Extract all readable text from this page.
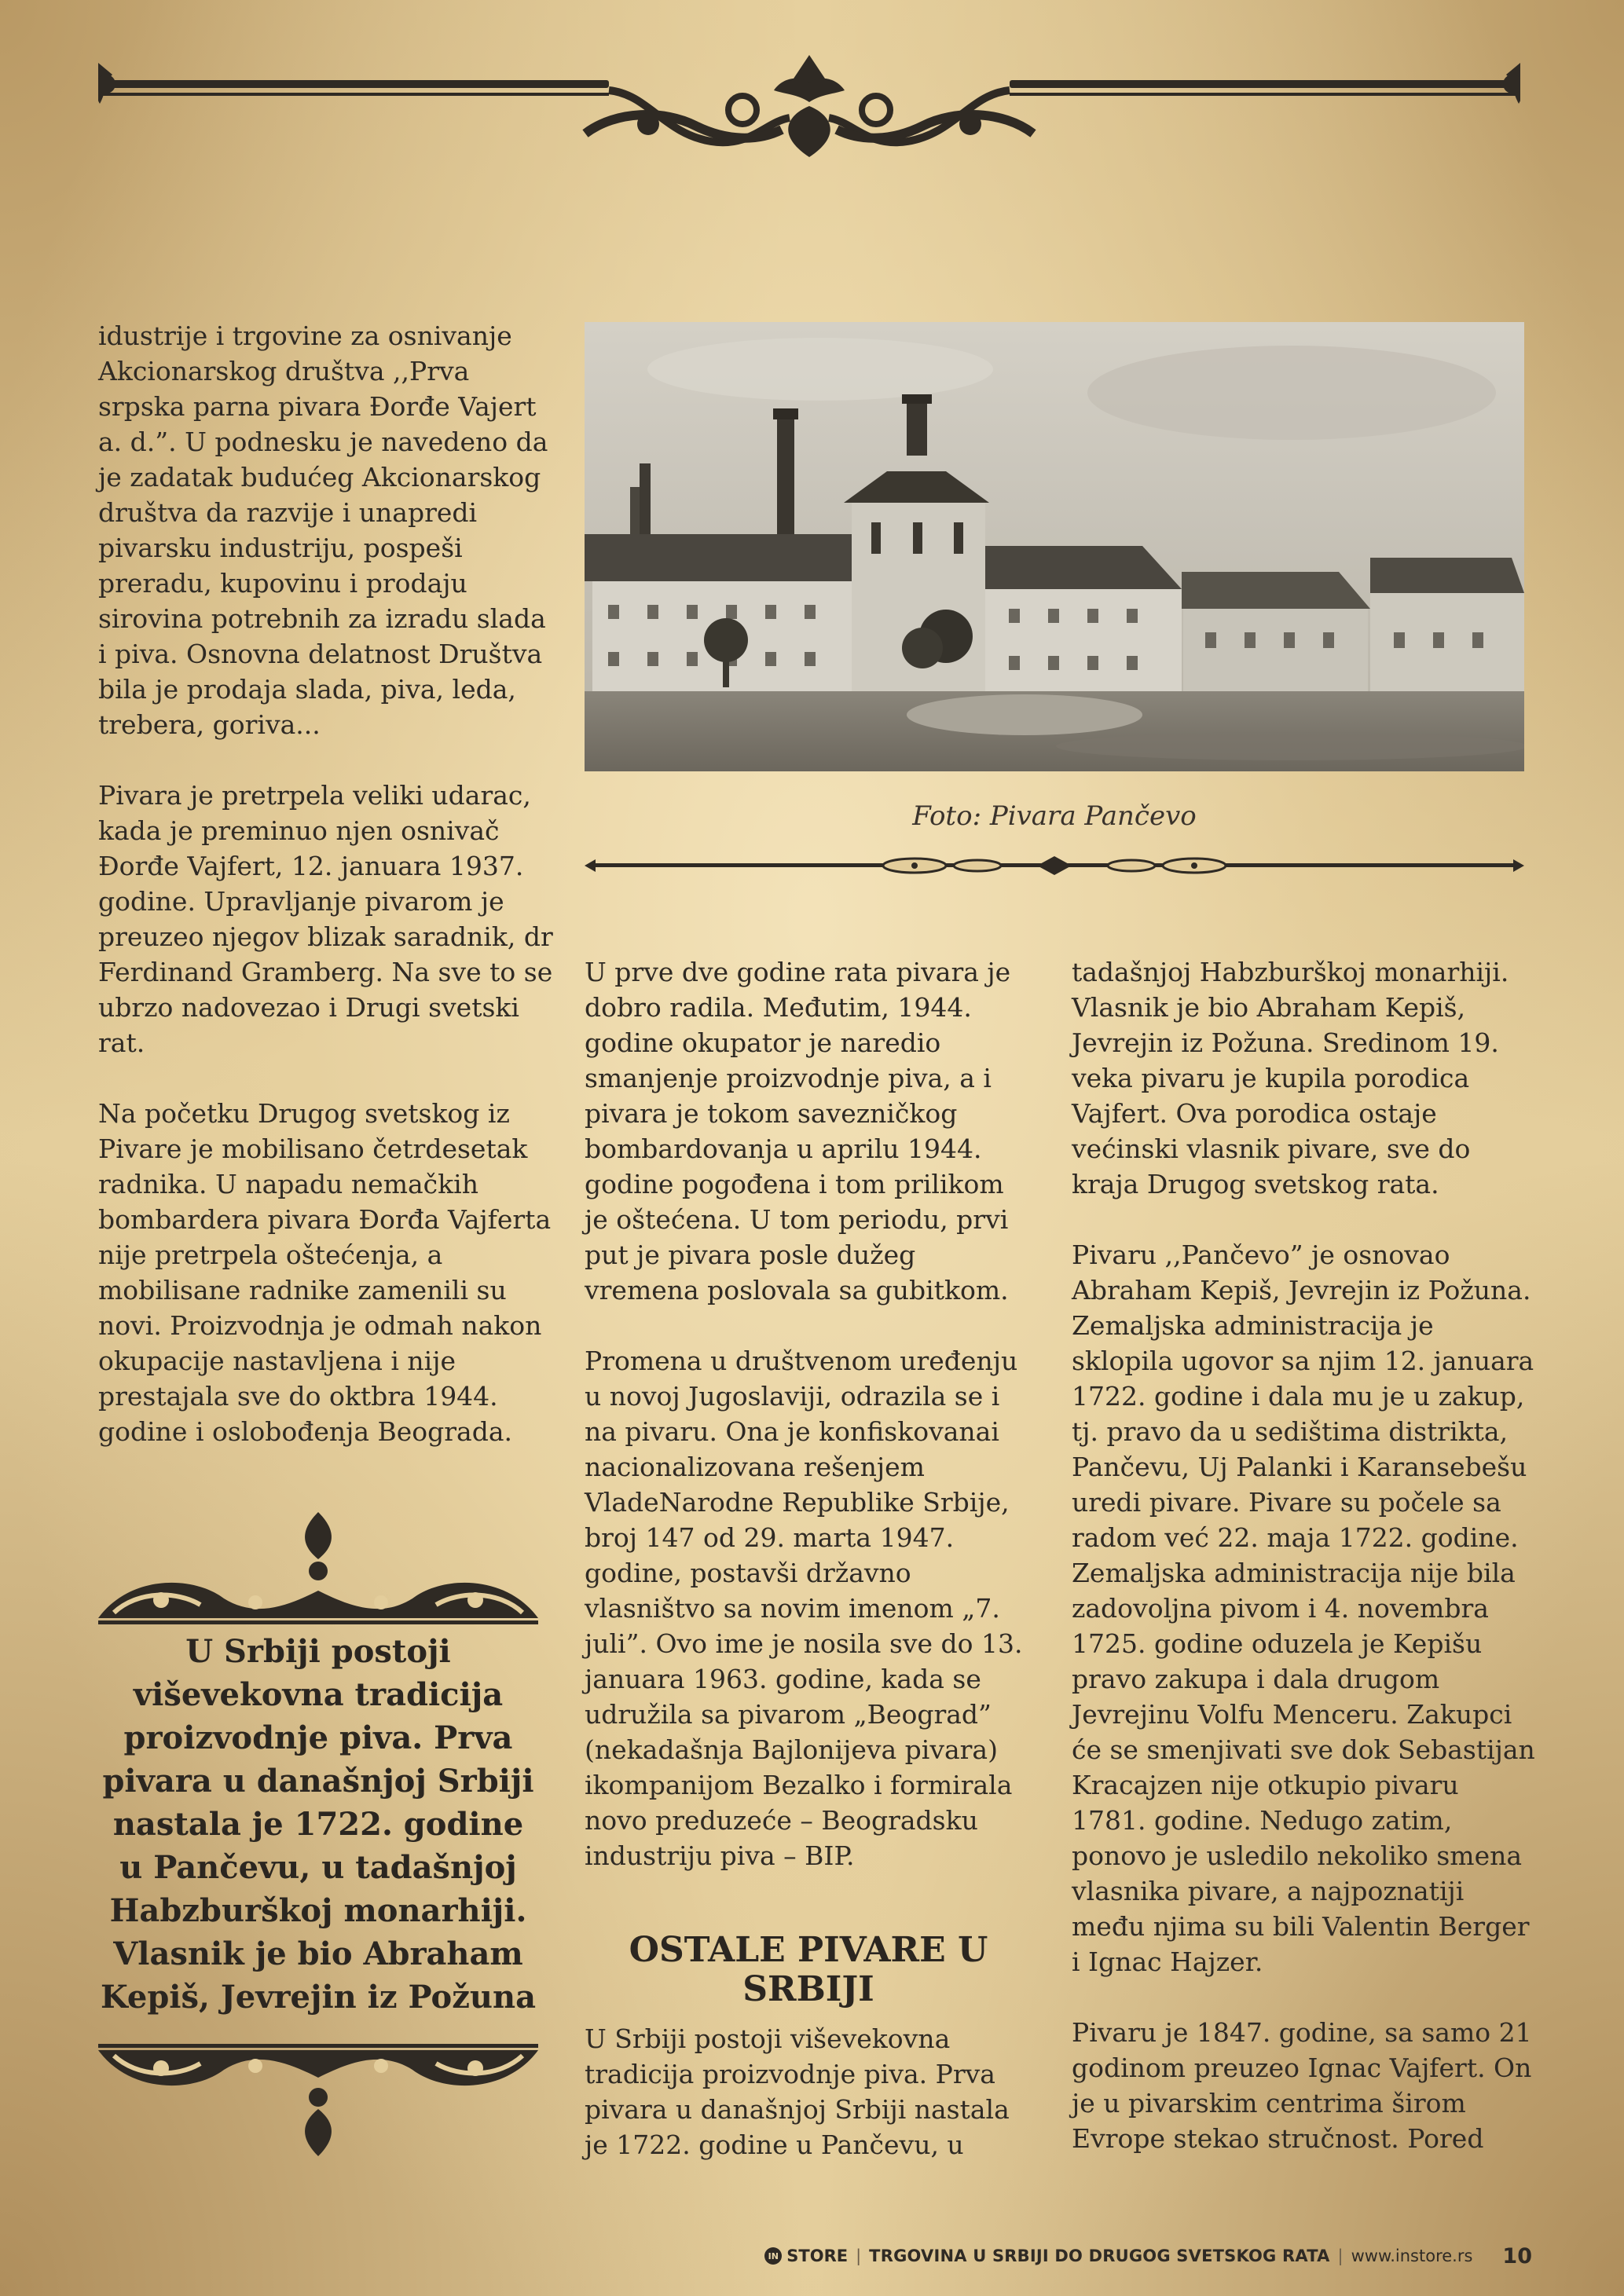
idustrije i trgovine za osnivanje Akcionarskog društva ,,Prva srpska parna pivara Đorđe Vajert a. d.”. U podnesku je navedeno da je zadatak budućeg Akcionarskog društva da razvije i unapredi pivarsku industriju, pospeši preradu, kupovinu i prodaju sirovina potrebnih za izradu slada i piva. Osnovna delatnost Društva bila je prodaja slada, piva, leda, trebera, goriva...

Pivara je pretrpela veliki udarac, kada je preminuo njen osnivač Đorđe Vajfert, 12. januara 1937. godine. Upravljanje pivarom je preuzeo njegov blizak saradnik, dr Ferdinand Gramberg. Na sve to se ubrzo nadovezao i Drugi svetski rat.

Na početku Drugog svetskog iz Pivare je mobilisano četrdesetak radnika. U napadu nemačkih bombardera pivara Đorđa Vajferta nije pretrpela oštećenja, a mobilisane radnike zamenili su novi. Proizvodnja je odmah nakon okupacije nastavljena i nije prestajala sve do oktbra 1944. godine i oslobođenja Beograda.

Foto: Pivara Pančevo

U prve dve godine rata pivara je dobro radila. Međutim, 1944. godine okupator je naredio smanjenje proizvodnje piva, a i pivara je tokom savezničkog bombardovanja u aprilu 1944. godine pogođena i tom prilikom je oštećena. U tom periodu, prvi put je pivara posle dužeg vremena poslovala sa gubitkom.

Promena u društvenom uređenju u novoj Jugoslaviji, odrazila se i na pivaru. Ona je konfiskovanai nacionalizovana rešenjem VladeNarodne Republike Srbije, broj 147 od 29. marta 1947. godine, postavši državno vlasništvo sa novim imenom „7. juli”. Ovo ime je nosila sve do 13. januara 1963. godine, kada se udružila sa pivarom „Beograd” (nekadašnja Bajlonijeva pivara) ikompanijom Bezalko i formirala novo preduzeće – Beogradsku industriju piva – BIP.

OSTALE PIVARE U SRBIJI

U Srbiji postoji viševekovna tradicija proizvodnje piva. Prva pivara u današnjoj Srbiji nastala je 1722. godine u Pančevu, u

tadašnjoj Habzburškoj monarhiji. Vlasnik je bio Abraham Kepiš, Jevrejin iz Požuna. Sredinom 19. veka pivaru je kupila porodica Vajfert. Ova porodica ostaje većinski vlasnik pivare, sve do kraja Drugog svetskog rata.

Pivaru ,,Pančevo” je osnovao Abraham Kepiš, Jevrejin iz Požuna. Zemaljska administracija je sklopila ugovor sa njim 12. januara 1722. godine i dala mu je u zakup, tj. pravo da u sedištima distrikta, Pančevu, Uj Palanki i Karansebešu uredi pivare. Pivare su počele sa radom već 22. maja 1722. godine. Zemaljska administracija nije bila zadovoljna pivom i 4. novembra 1725. godine oduzela je Kepišu pravo zakupa i dala drugom Jevrejinu Volfu Menceru. Zakupci će se smenjivati sve dok Sebastijan Kracajzen nije otkupio pivaru 1781. godine. Nedugo zatim, ponovo je usledilo nekoliko smena vlasnika pivare, a najpoznatiji među njima su bili Valentin Berger i Ignac Hajzer.

Pivaru je 1847. godine, sa samo 21 godinom preuzeo Ignac Vajfert. On je u pivarskim centrima širom Evrope stekao stručnost. Pored

U Srbiji postoji viševekovna tradicija proizvodnje piva. Prva pivara u današnjoj Srbiji nastala je 1722. godine u Pančevu, u tadašnjoj Habzburškoj monarhiji. Vlasnik je bio Abraham Kepiš, Jevrejin iz Požuna
IN STORE | TRGOVINA U SRBIJI DO DRUGOG SVETSKOG RATA | www.instore.rs 10
